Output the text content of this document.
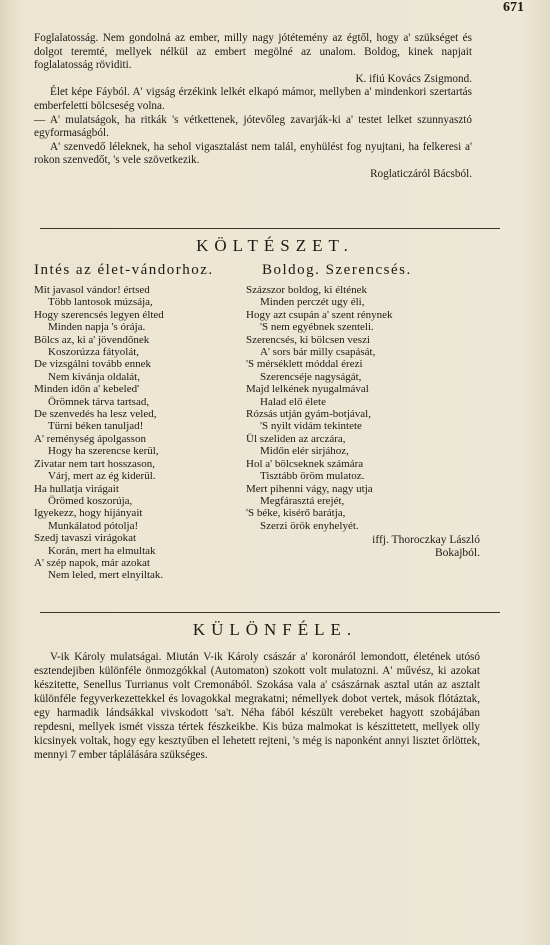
671

Foglalatosság. Nem gondolná az ember, milly nagy jótétemény az égtől, hogy a' szükséget és dolgot teremté, mellyek nélkül az embert megölné az unalom. Boldog, kinek napjait foglalatosság röviditi.

K. ifiú Kovács Zsigmond.

Élet képe Fáyból. A' vigság érzékink lelkét elkapó mámor, mellyben a' mindenkori szertartás emberfeletti bölcseség volna.

— A' mulatságok, ha ritkák 's vétkettenek, jótevőleg zavarják-ki a' testet lelket szunnyasztó egyformaságból.

A' szenvedő léleknek, ha sehol vigasztalást nem talál, enyhülést fog nyujtani, ha felkeresi a' rokon szenvedőt, 's vele szövetkezik.

Roglaticzáról Bácsból.

KÖLTÉSZET.
Intés az élet-vándorhoz.	Boldog. Szerencsés.
Mit javasol vándor! értsed
Több lantosok múzsája,
Hogy szerencsés legyen élted
Minden napja 's órája.
Bölcs az, ki a' jövendőnek
Koszorúzza fátyolát,
De vizsgálni tovább ennek
Nem kivánja oldalát,
Minden időn a' kebeled'
Örömnek tárva tartsad,
De szenvedés ha lesz veled,
Türni béken tanuljad!
A' reménység ápolgasson
Hogy ha szerencse kerül,
Zivatar nem tart hosszason,
Várj, mert az ég kiderül.
Ha hullatja virágait
Örömed koszorúja,
Igyekezz, hogy hijányait
Munkálatod pótolja!
Szedj tavaszi virágokat
Korán, mert ha elmultak
A' szép napok, már azokat
Nem leled, mert elnyiltak.
Százszor boldog, ki éltének
Minden perczét ugy éli,
Hogy azt csupán a' szent rénynek
'S nem egyébnek szenteli.
Szerencsés, ki bölcsen veszi
A' sors bár milly csapását,
'S mérséklett móddal érezi
Szerencséje nagyságát,
Majd lelkének nyugalmával
Halad elő élete
Rózsás utján gyám-botjával,
'S nyilt vidám tekintete
Ül szeliden az arczára,
Midőn elér sirjához,
Hol a' bölcseknek számára
Tisztább öröm mulatoz.
Mert pihenni vágy, nagy utja
Megfárasztá erejét,
'S béke, kisérő barátja,
Szerzi örök enyhelyét.
iffj. Thoroczkay László
Bokajból.
KÜLÖNFÉLE.

V-ik Károly mulatságai. Miután V-ik Károly császár a' koronáról lemondott, életének utósó esztendejiben különféle önmozgókkal (Automaton) szokott volt mulatozni. A' művész, ki azokat készitette, Senellus Turrianus volt Cremonából. Szokása vala a' császárnak asztal után az asztalt különféle fegyverkezettekkel és lovagokkal megrakatni; némellyek dobot vertek, mások flótáztak, egy harmadik lándsákkal vivskodott 'sa't. Néha fából készült verebeket hagyott szobájában repdesni, mellyek ismét vissza tértek fészkeikbe. Kis búza malmokat is készittetett, mellyek olly kicsinyek voltak, hogy egy kesztyűben el lehetett rejteni, 's még is naponként annyi lisztet őrlöttek, mennyi 7 ember táplálására szükséges.
